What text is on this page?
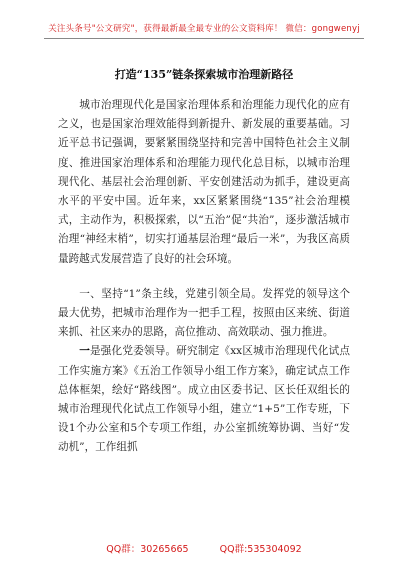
关注头条号"公文研究"，获得最新最全最专业的公文资料库！ 微信：gongwenyj
打造“135”链条探索城市治理新路径

城市治理现代化是国家治理体系和治理能力现代化的应有之义，也是国家治理效能得到新提升、新发展的重要基础。习近平总书记强调，要紧紧围绕坚持和完善中国特色社会主义制度、推进国家治理体系和治理能力现代化总目标，以城市治理现代化、基层社会治理创新、平安创建活动为抓手，建设更高水平的平安中国。近年来，xx区紧紧围绕“135”社会治理模式，主动作为，积极探索，以“五治”促“共治”，逐步激活城市治理“神经末梢”，切实打通基层治理“最后一米”，为我区高质量跨越式发展营造了良好的社会环境。

一、坚持“1”条主线，党建引领全局。发挥党的领导这个最大优势，把城市治理作为一把手工程，按照由区来统、街道来抓、社区来办的思路，高位推动、高效联动、强力推进。

一是强化党委领导。研究制定《xx区城市治理现代化试点工作实施方案》《五治工作领导小组工作方案》，确定试点工作总体框架，绘好“路线图”。成立由区委书记、区长任双组长的城市治理现代化试点工作领导小组，建立“1+5”工作专班，下设1个办公室和5个专项工作组，办公室抓统筹协调、当好“发动机”，工作组抓

QQ群：30265665	QQ群:535304092
